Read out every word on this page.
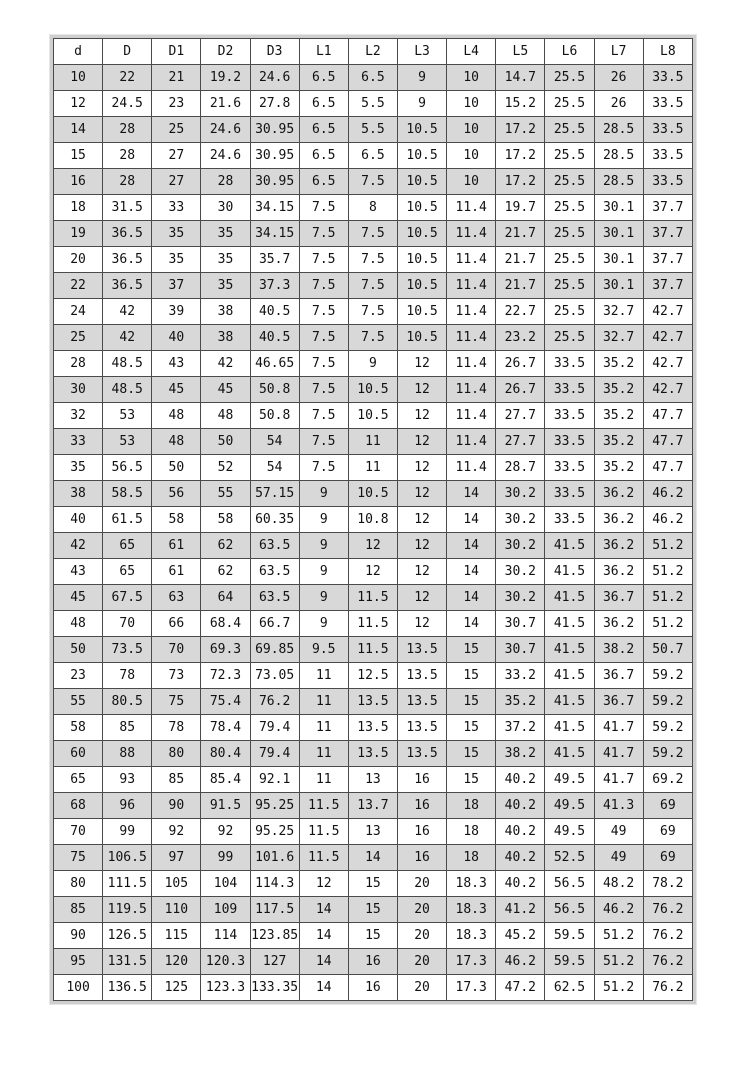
d	D	D1	D2	D3	L1	L2	L3	L4	L5	L6	L7	L8
10	22	21	19.2	24.6	6.5	6.5	9	10	14.7	25.5	26	33.5
12	24.5	23	21.6	27.8	6.5	5.5	9	10	15.2	25.5	26	33.5
14	28	25	24.6	30.95	6.5	5.5	10.5	10	17.2	25.5	28.5	33.5
15	28	27	24.6	30.95	6.5	6.5	10.5	10	17.2	25.5	28.5	33.5
16	28	27	28	30.95	6.5	7.5	10.5	10	17.2	25.5	28.5	33.5
18	31.5	33	30	34.15	7.5	8	10.5	11.4	19.7	25.5	30.1	37.7
19	36.5	35	35	34.15	7.5	7.5	10.5	11.4	21.7	25.5	30.1	37.7
20	36.5	35	35	35.7	7.5	7.5	10.5	11.4	21.7	25.5	30.1	37.7
22	36.5	37	35	37.3	7.5	7.5	10.5	11.4	21.7	25.5	30.1	37.7
24	42	39	38	40.5	7.5	7.5	10.5	11.4	22.7	25.5	32.7	42.7
25	42	40	38	40.5	7.5	7.5	10.5	11.4	23.2	25.5	32.7	42.7
28	48.5	43	42	46.65	7.5	9	12	11.4	26.7	33.5	35.2	42.7
30	48.5	45	45	50.8	7.5	10.5	12	11.4	26.7	33.5	35.2	42.7
32	53	48	48	50.8	7.5	10.5	12	11.4	27.7	33.5	35.2	47.7
33	53	48	50	54	7.5	11	12	11.4	27.7	33.5	35.2	47.7
35	56.5	50	52	54	7.5	11	12	11.4	28.7	33.5	35.2	47.7
38	58.5	56	55	57.15	9	10.5	12	14	30.2	33.5	36.2	46.2
40	61.5	58	58	60.35	9	10.8	12	14	30.2	33.5	36.2	46.2
42	65	61	62	63.5	9	12	12	14	30.2	41.5	36.2	51.2
43	65	61	62	63.5	9	12	12	14	30.2	41.5	36.2	51.2
45	67.5	63	64	63.5	9	11.5	12	14	30.2	41.5	36.7	51.2
48	70	66	68.4	66.7	9	11.5	12	14	30.7	41.5	36.2	51.2
50	73.5	70	69.3	69.85	9.5	11.5	13.5	15	30.7	41.5	38.2	50.7
23	78	73	72.3	73.05	11	12.5	13.5	15	33.2	41.5	36.7	59.2
55	80.5	75	75.4	76.2	11	13.5	13.5	15	35.2	41.5	36.7	59.2
58	85	78	78.4	79.4	11	13.5	13.5	15	37.2	41.5	41.7	59.2
60	88	80	80.4	79.4	11	13.5	13.5	15	38.2	41.5	41.7	59.2
65	93	85	85.4	92.1	11	13	16	15	40.2	49.5	41.7	69.2
68	96	90	91.5	95.25	11.5	13.7	16	18	40.2	49.5	41.3	69
70	99	92	92	95.25	11.5	13	16	18	40.2	49.5	49	69
75	106.5	97	99	101.6	11.5	14	16	18	40.2	52.5	49	69
80	111.5	105	104	114.3	12	15	20	18.3	40.2	56.5	48.2	78.2
85	119.5	110	109	117.5	14	15	20	18.3	41.2	56.5	46.2	76.2
90	126.5	115	114	123.85	14	15	20	18.3	45.2	59.5	51.2	76.2
95	131.5	120	120.3	127	14	16	20	17.3	46.2	59.5	51.2	76.2
100	136.5	125	123.3	133.35	14	16	20	17.3	47.2	62.5	51.2	76.2
